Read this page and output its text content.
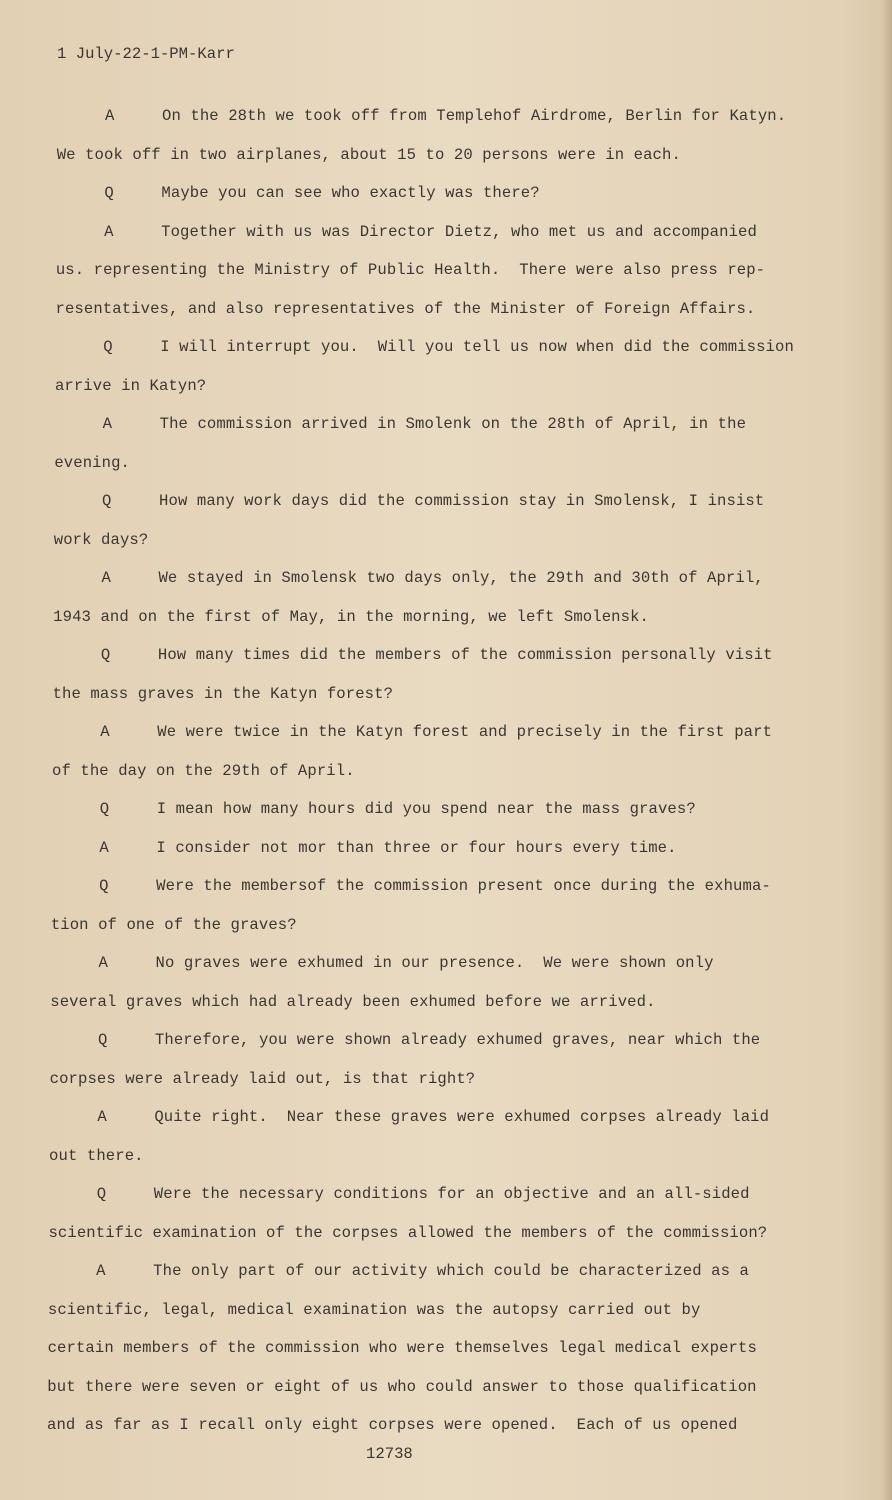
1 July-22-1-PM-Karr
A	On the 28th we took off from Templehof Airdrome, Berlin for Katyn.
We took off in two airplanes, about 15 to 20 persons were in each.
Q	Maybe you can see who exactly was there?
A	Together with us was Director Dietz, who met us and accompanied
us. representing the Ministry of Public Health.  There were also press rep-
resentatives, and also representatives of the Minister of Foreign Affairs.
Q	I will interrupt you.  Will you tell us now when did the commission
arrive in Katyn?
A	The commission arrived in Smolenk on the 28th of April, in the
evening.
Q	How many work days did the commission stay in Smolensk, I insist
work days?
A	We stayed in Smolensk two days only, the 29th and 30th of April,
1943 and on the first of May, in the morning, we left Smolensk.
Q	How many times did the members of the commission personally visit
the mass graves in the Katyn forest?
A	We were twice in the Katyn forest and precisely in the first part
of the day on the 29th of April.
Q	I mean how many hours did you spend near the mass graves?
A	I consider not mor than three or four hours every time.
Q	Were the membersof the commission present once during the exhuma-
tion of one of the graves?
A	No graves were exhumed in our presence.  We were shown only
several graves which had already been exhumed before we arrived.
Q	Therefore, you were shown already exhumed graves, near which the
corpses were already laid out, is that right?
A	Quite right.  Near these graves were exhumed corpses already laid
out there.
Q	Were the necessary conditions for an objective and an all-sided
scientific examination of the corpses allowed the members of the commission?
A	The only part of our activity which could be characterized as a
scientific, legal, medical examination was the autopsy carried out by
certain members of the commission who were themselves legal medical experts
but there were seven or eight of us who could answer to those qualification
and as far as I recall only eight corpses were opened.  Each of us opened
12738
